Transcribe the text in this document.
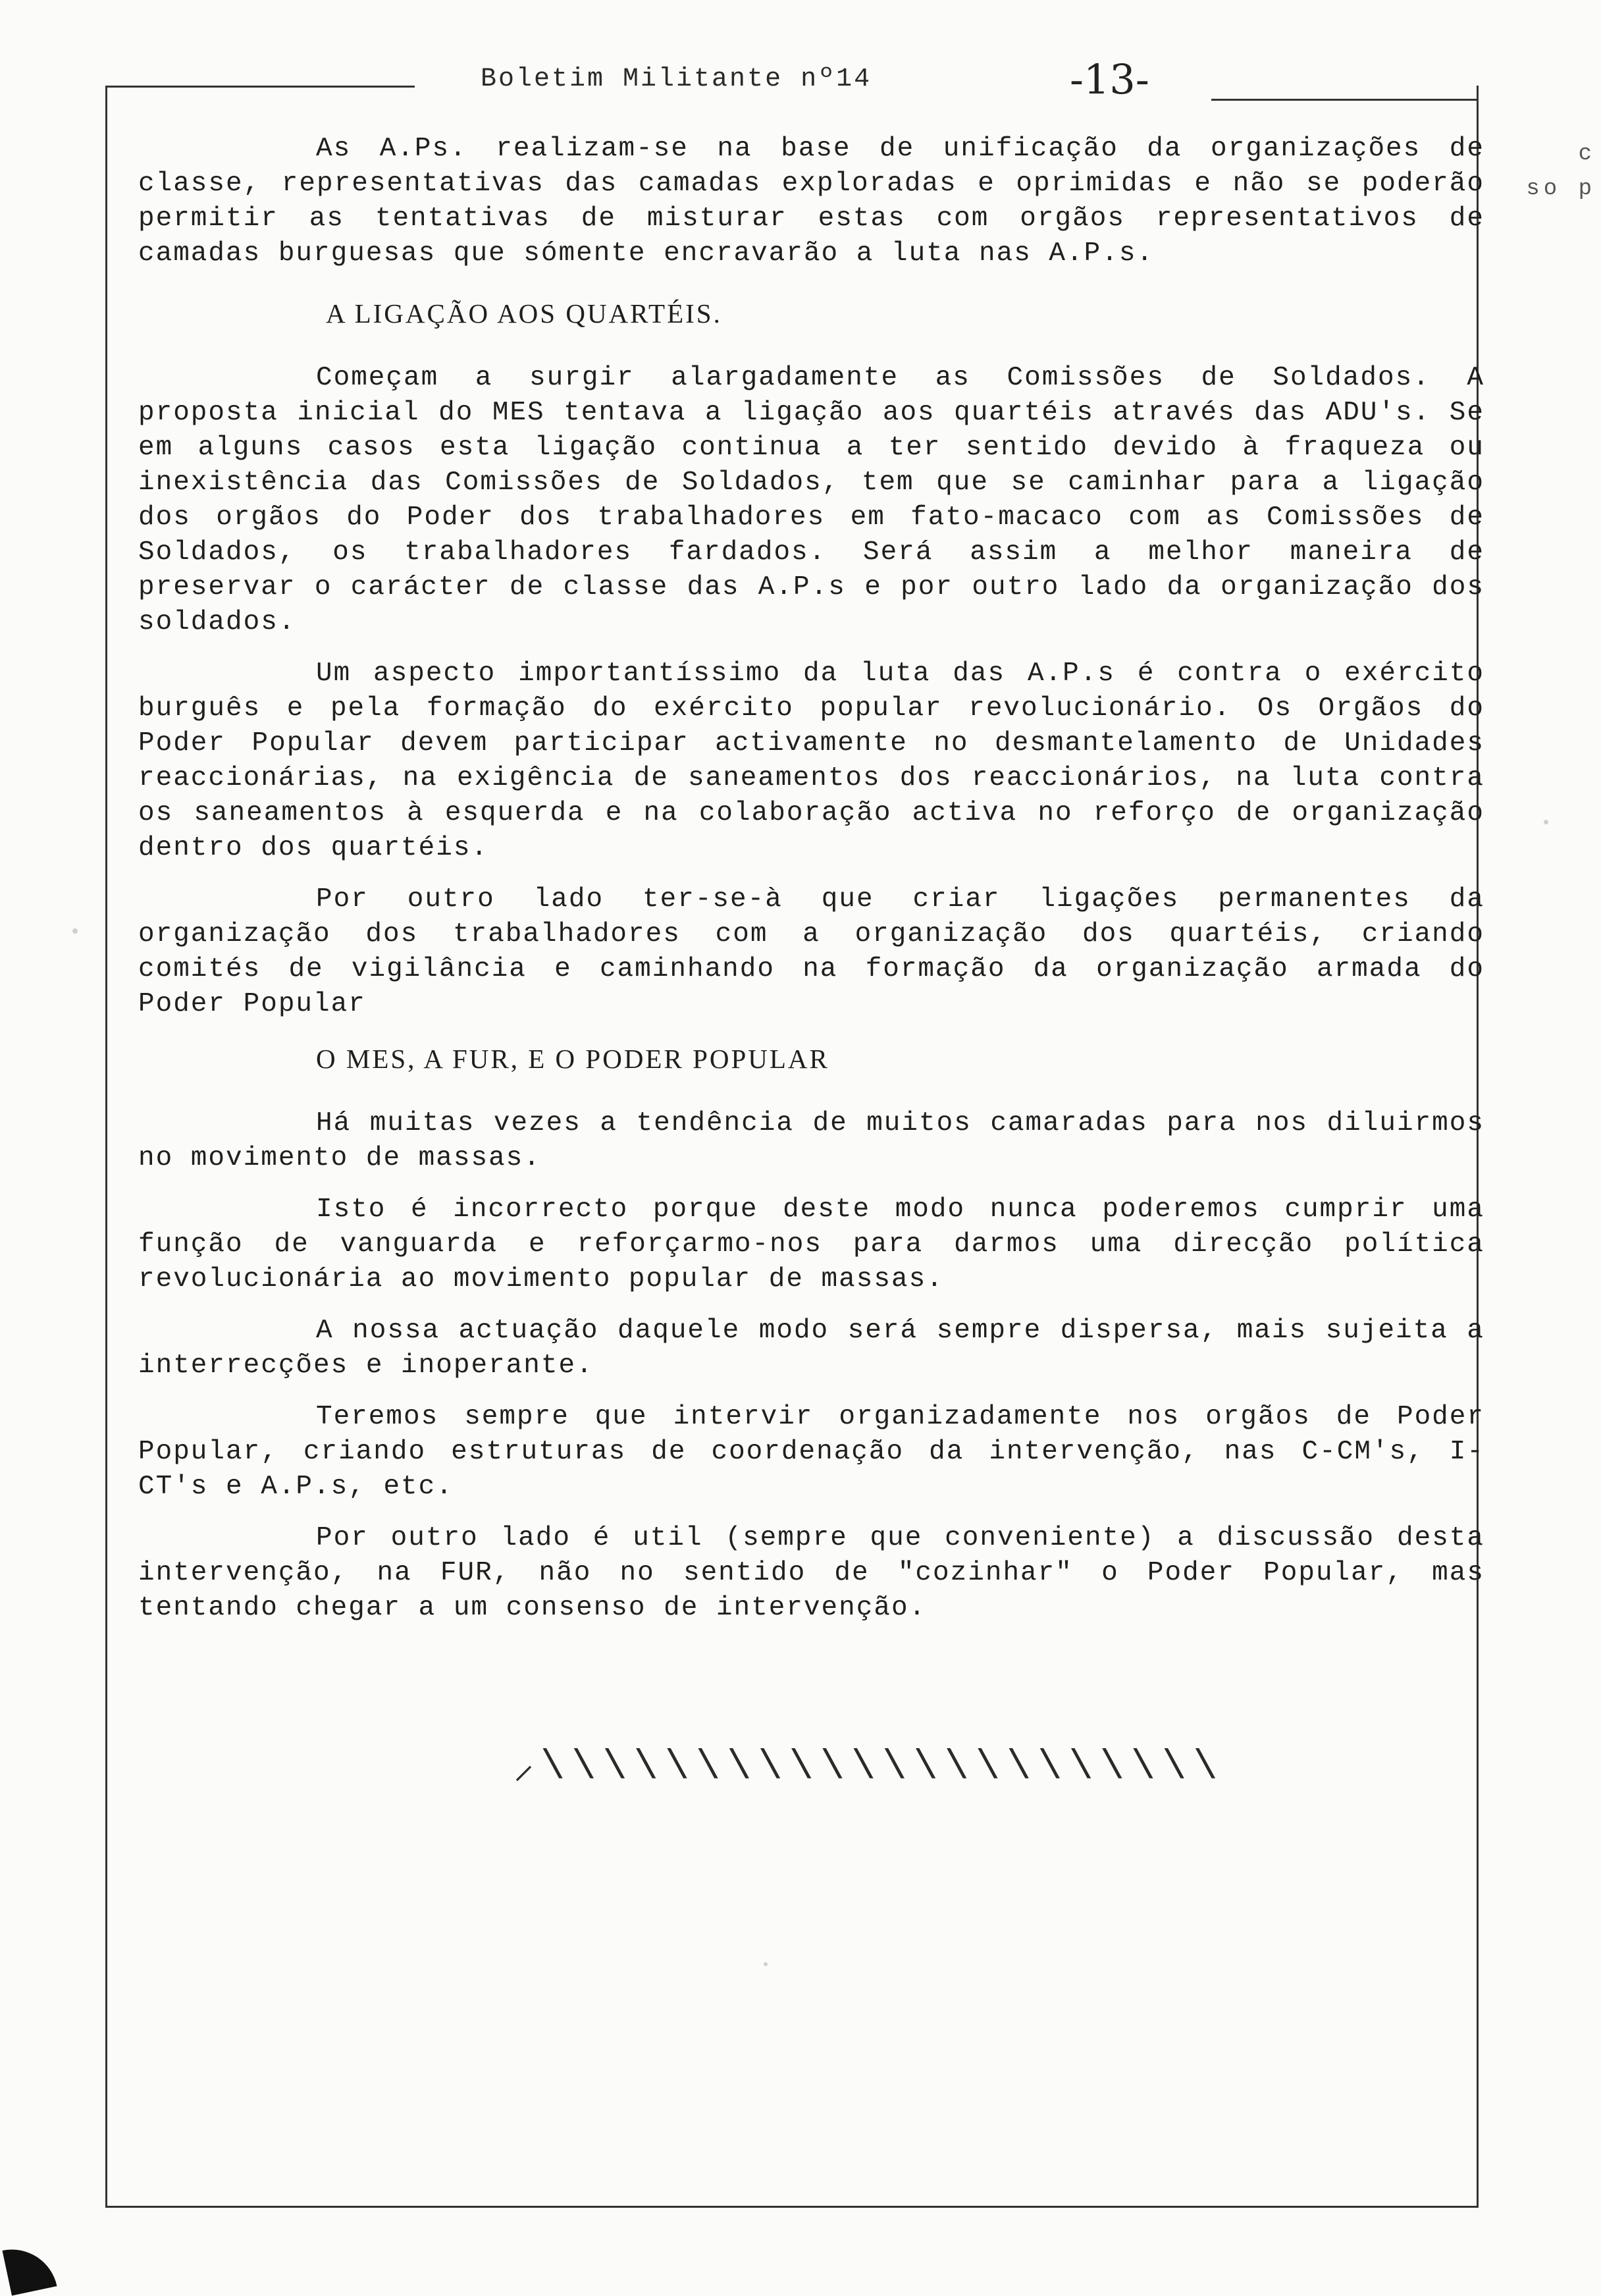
Boletim Militante nº14	-13-
c
so p

As A.Ps. realizam-se na base de unificação da organizações de classe, representativas das camadas exploradas e oprimidas e não se poderão permitir as tentativas de misturar estas com orgãos representativos de camadas burguesas que sómente encravarão a luta nas A.P.s.

A LIGAÇÃO AOS QUARTÉIS.

Começam a surgir alargadamente as Comissões de Soldados. A proposta inicial do MES tentava a ligação aos quartéis através das ADU's. Se em alguns casos esta ligação continua a ter sentido devido à fraqueza ou inexistência das Comissões de Soldados, tem que se caminhar para a ligação dos orgãos do Poder dos trabalhadores em fato-macaco com as Comissões de Soldados, os trabalhadores fardados. Será assim a melhor maneira de preservar o carácter de classe das A.P.s e por outro lado da organização dos soldados.

Um aspecto importantíssimo da luta das A.P.s é contra o exército burguês e pela formação do exército popular revolucionário. Os Orgãos do Poder Popular devem participar activamente no desmantelamento de Unidades reaccionárias, na exigência de saneamentos dos reaccionários, na luta contra os saneamentos à esquerda e na colaboração activa no reforço de organização dentro dos quartéis.

Por outro lado ter-se-à que criar ligações permanentes da organização dos trabalhadores com a organização dos quartéis, criando comités de vigilância e caminhando na formação da organização armada do Poder Popular

O MES, A FUR, E O PODER POPULAR

Há muitas vezes a tendência de muitos camaradas para nos diluirmos no movimento de massas.

Isto é incorrecto porque deste modo nunca poderemos cumprir uma função de vanguarda e reforçarmo-nos para darmos uma direcção política revolucionária ao movimento popular de massas.

A nossa actuação daquele modo será sempre dispersa, mais sujeita a interrecções e inoperante.

Teremos sempre que intervir organizadamente nos orgãos de Poder Popular, criando estruturas de coordenação da intervenção, nas C-CM's, I-CT's e A.P.s, etc.

Por outro lado é util (sempre que conveniente) a discussão desta intervenção, na FUR, não no sentido de "cozinhar" o Poder Popular, mas tentando chegar a um consenso de intervenção.

⸝\\\\\\\\\\\\\\\\\\\\\\
